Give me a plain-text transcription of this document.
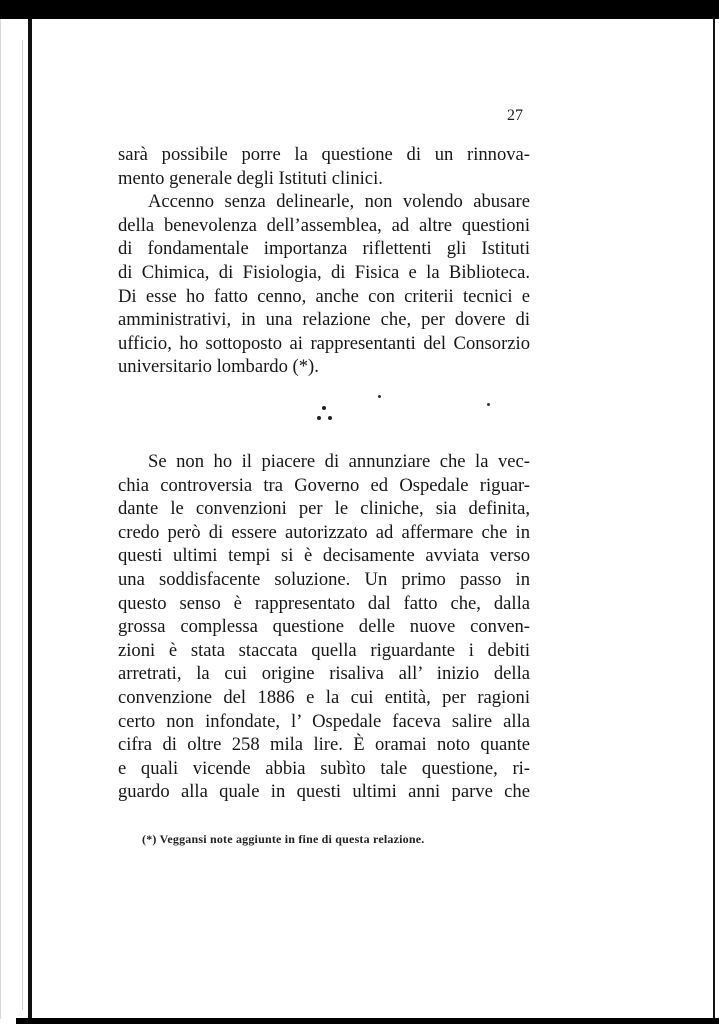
27
sarà possibile porre la questione di un rinnova-
mento generale degli Istituti clinici.
Accenno senza delinearle, non volendo abusare
della benevolenza dell’assemblea, ad altre questioni
di fondamentale importanza riflettenti gli Istituti
di Chimica, di Fisiologia, di Fisica e la Biblioteca.
Di esse ho fatto cenno, anche con criterii tecnici e
amministrativi, in una relazione che, per dovere di
ufficio, ho sottoposto ai rappresentanti del Consorzio
universitario lombardo (*).
Se non ho il piacere di annunziare che la vec-
chia controversia tra Governo ed Ospedale riguar-
dante le convenzioni per le cliniche, sia definita,
credo però di essere autorizzato ad affermare che in
questi ultimi tempi si è decisamente avviata verso
una soddisfacente soluzione. Un primo passo in
questo senso è rappresentato dal fatto che, dalla
grossa complessa questione delle nuove conven-
zioni è stata staccata quella riguardante i debiti
arretrati, la cui origine risaliva all’ inizio della
convenzione del 1886 e la cui entità, per ragioni
certo non infondate, l’ Ospedale faceva salire alla
cifra di oltre 258 mila lire. È oramai noto quante
e quali vicende abbia subìto tale questione, ri-
guardo alla quale in questi ultimi anni parve che
(*) Veggansi note aggiunte in fine di questa relazione.
